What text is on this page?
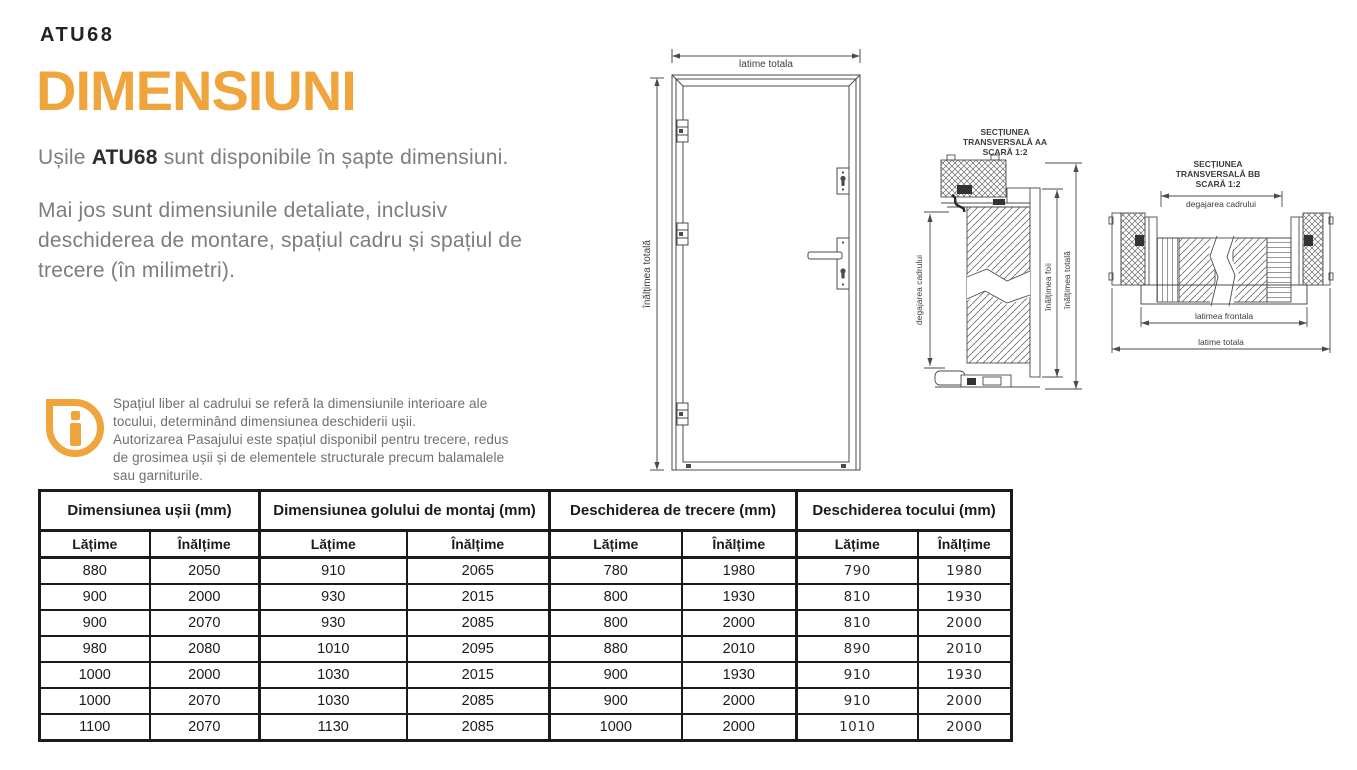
ATU68
DIMENSIUNI

Ușile ATU68 sunt disponibile în șapte dimensiuni.

Mai jos sunt dimensiunile detaliate, inclusiv deschiderea de montare, spațiul cadru și spațiul de trecere (în milimetri).

Spațiul liber al cadrului se referă la dimensiunile interioare ale tocului, determinând dimensiunea deschiderii ușii.
Autorizarea Pasajului este spațiul disponibil pentru trecere, redus de grosimea ușii și de elementele structurale precum balamalele sau garniturile.
latime totala
înălțimea totală
SECȚIUNEA
TRANSVERSALĂ AA
SCARĂ 1:2
degajarea cadrului	înălțimea foii înălțimea totală
SECȚIUNEA
TRANSVERSALĂ BB
SCARĂ 1:2
degajarea cadrului
latimea frontala
latime totala
Dimensiunea ușii (mm)		Dimensiunea golului de montaj (mm)		Deschiderea de trecere (mm)		Deschiderea tocului (mm)	
Lățime	Înălțime	Lățime	Înălțime	Lățime	Înălțime	Lățime	Înălțime
880	2050	910	2065	780	1980	790	1980
900	2000	930	2015	800	1930	810	1930
900	2070	930	2085	800	2000	810	2000
980	2080	1010	2095	880	2010	890	2010
1000	2000	1030	2015	900	1930	910	1930
1000	2070	1030	2085	900	2000	910	2000
1100	2070	1130	2085	1000	2000	1010	2000
